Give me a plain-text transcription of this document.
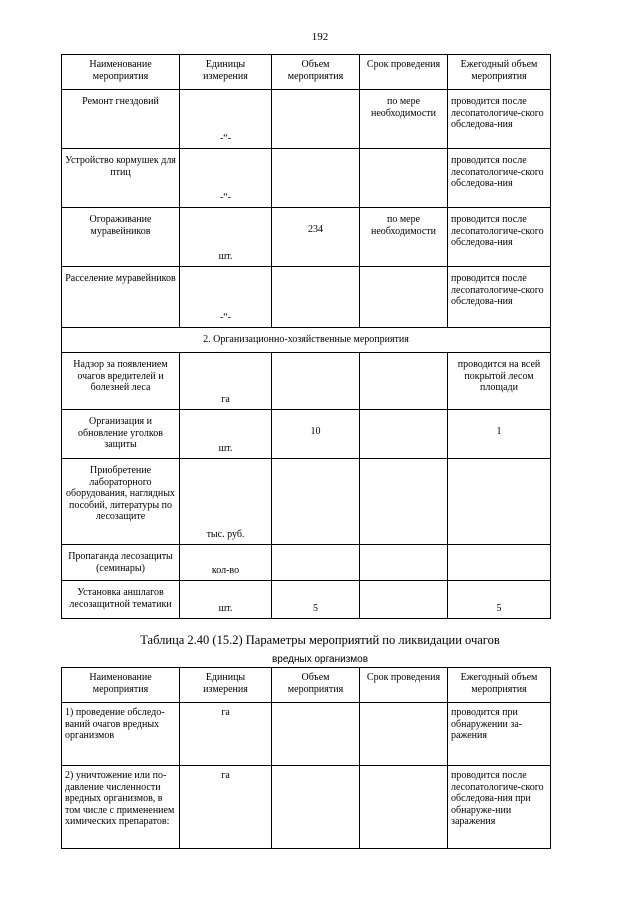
192
Наименование мероприятия	Единицы измерения	Объем мероприятия	Срок проведения	Ежегодный объем мероприятия
Ремонт гнездовий	-“-		по мере необходимости	проводится после лесопатологиче-ского обследова-ния
Устройство кормушек для птиц	-“-			проводится после лесопатологиче-ского обследова-ния
Огораживание муравейников	шт.	234	по мере необходимости	проводится после лесопатологиче-ского обследова-ния
Расселение муравейников	-“-			проводится после лесопатологиче-ского обследова-ния
2. Организационно-хозяйственные мероприятия				
Надзор за появлением очагов вредителей и болезней леса	га			проводится на всей покрытой лесом площади
Организация и обновление уголков защиты	шт.	10		1
Приобретение лабораторного оборудования, наглядных пособий, литературы по лесозащите	тыс. руб.			
Пропаганда лесозащиты (семинары)	кол-во			
Установка аншлагов лесозащитной тематики	шт.	5		5
Таблица 2.40 (15.2) Параметры мероприятий по ликвидации очагов
вредных организмов
Наименование мероприятия	Единицы измерения	Объем мероприятия	Срок проведения	Ежегодный объем мероприятия
1) проведение обследо-ваний очагов вредных организмов	га			проводится при обнаружении за-ражения
2) уничтожение или по-давление численности вредных организмов, в том числе с применением химических препаратов:	га			проводится после лесопатологиче-ского обследова-ния при обнаруже-нии заражения
